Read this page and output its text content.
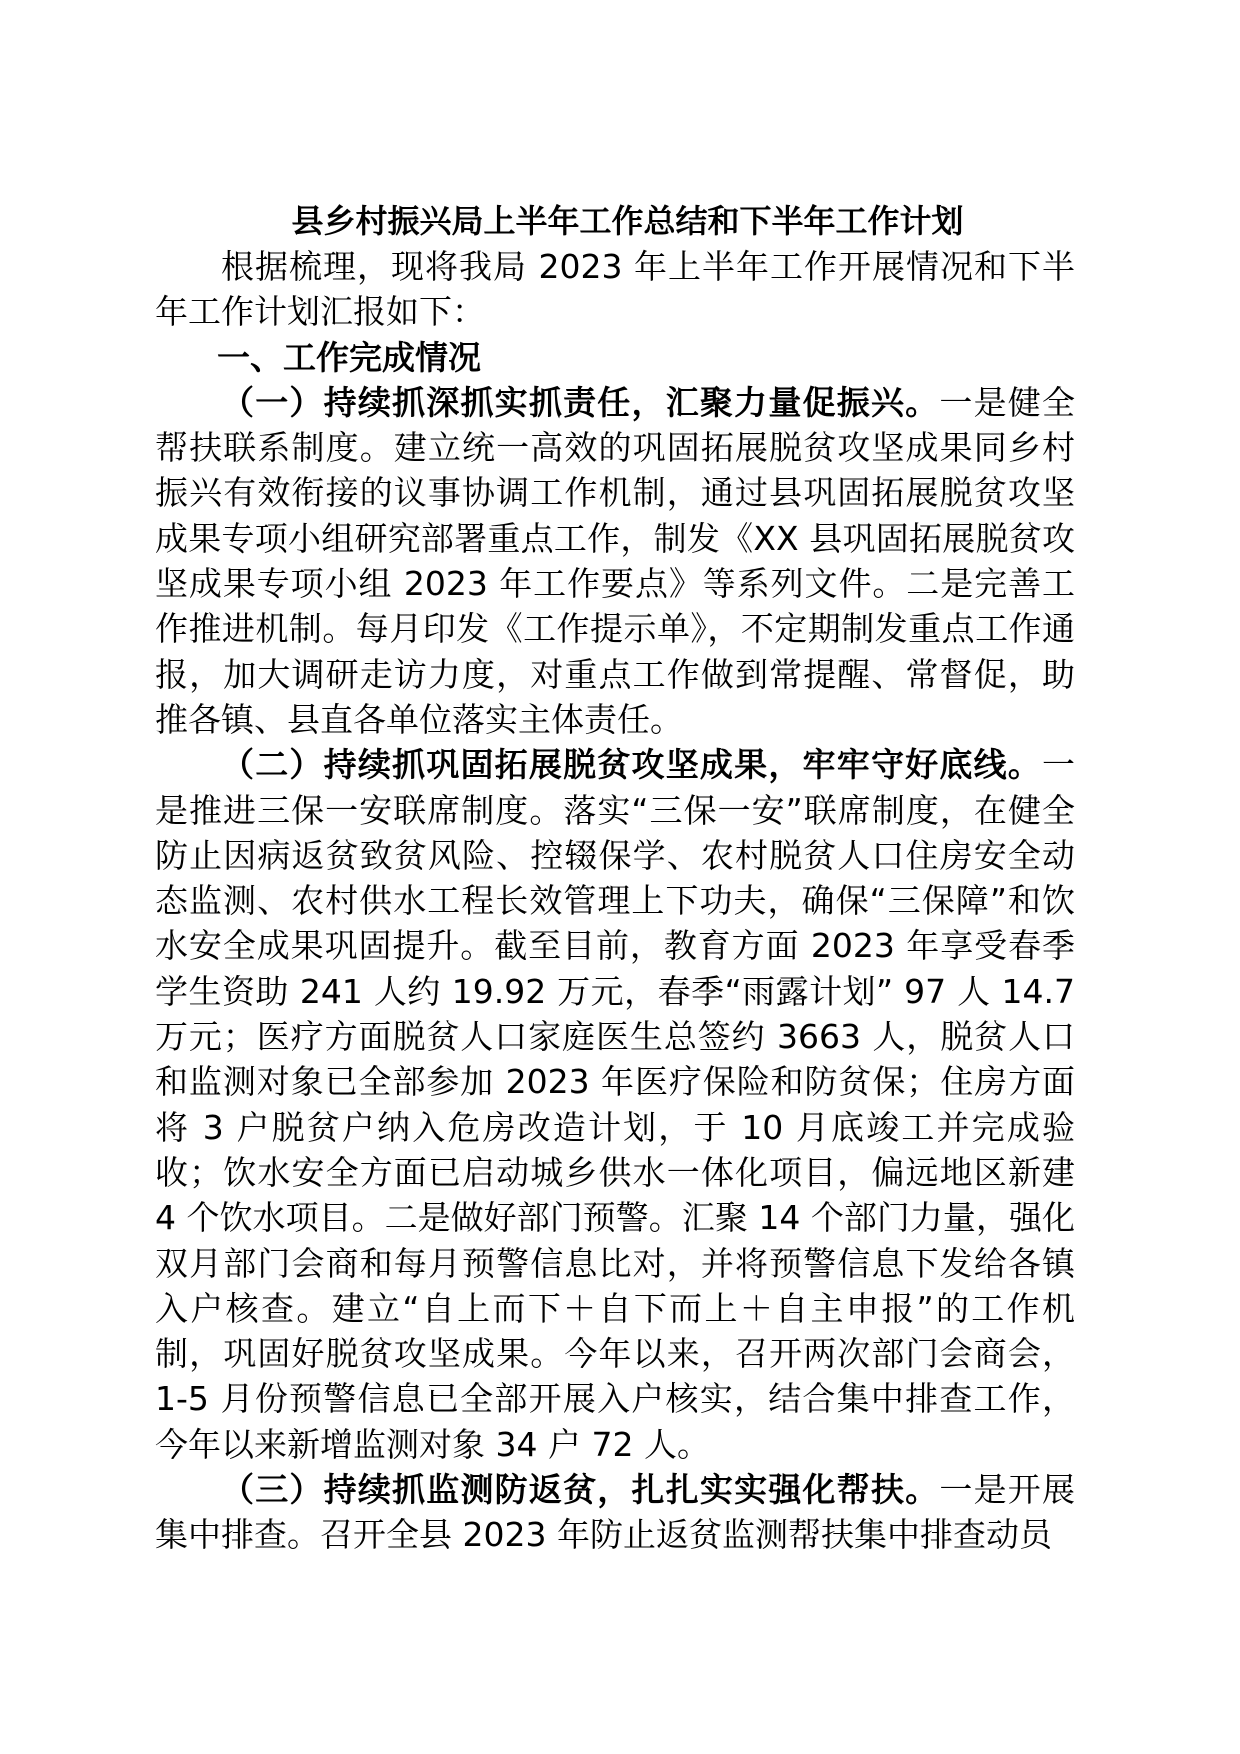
县乡村振兴局上半年工作总结和下半年工作计划

根据梳理，现将我局 2023 年上半年工作开展情况和下半年工作计划汇报如下：

一、工作完成情况

（一）持续抓深抓实抓责任，汇聚力量促振兴。一是健全帮扶联系制度。建立统一高效的巩固拓展脱贫攻坚成果同乡村振兴有效衔接的议事协调工作机制，通过县巩固拓展脱贫攻坚成果专项小组研究部署重点工作，制发《XX 县巩固拓展脱贫攻坚成果专项小组 2023 年工作要点》等系列文件。二是完善工作推进机制。每月印发《工作提示单》，不定期制发重点工作通报，加大调研走访力度，对重点工作做到常提醒、常督促，助推各镇、县直各单位落实主体责任。

（二）持续抓巩固拓展脱贫攻坚成果，牢牢守好底线。一是推进三保一安联席制度。落实“三保一安”联席制度，在健全防止因病返贫致贫风险、控辍保学、农村脱贫人口住房安全动态监测、农村供水工程长效管理上下功夫，确保“三保障”和饮水安全成果巩固提升。截至目前，教育方面 2023 年享受春季学生资助 241 人约 19.92 万元，春季“雨露计划” 97 人 14.7 万元；医疗方面脱贫人口家庭医生总签约 3663 人，脱贫人口和监测对象已全部参加 2023 年医疗保险和防贫保；住房方面将 3 户脱贫户纳入危房改造计划，于 10 月底竣工并完成验收；饮水安全方面已启动城乡供水一体化项目，偏远地区新建 4 个饮水项目。二是做好部门预警。汇聚 14 个部门力量，强化双月部门会商和每月预警信息比对，并将预警信息下发给各镇入户核查。建立“自上而下＋自下而上＋自主申报”的工作机制，巩固好脱贫攻坚成果。今年以来，召开两次部门会商会，1-5 月份预警信息已全部开展入户核实，结合集中排查工作，今年以来新增监测对象 34 户 72 人。

（三）持续抓监测防返贫，扎扎实实强化帮扶。一是开展集中排查。召开全县 2023 年防止返贫监测帮扶集中排查动员
